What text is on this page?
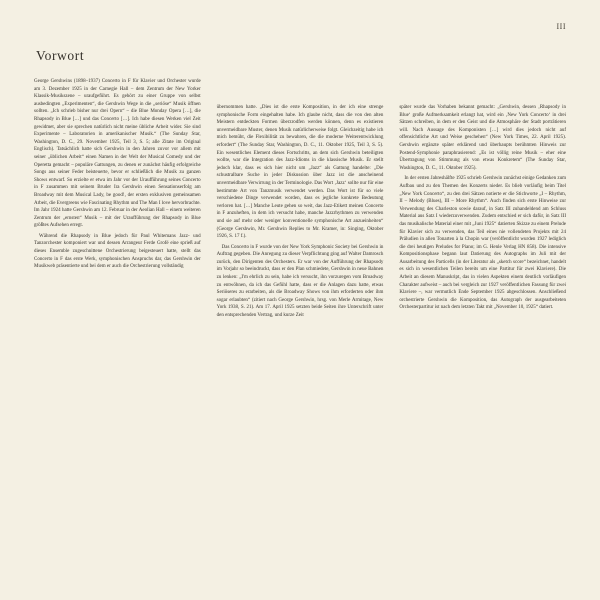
III
Vorwort

George Gershwins (1898–1937) Concerto in F für Klavier und Orchester wurde am 3. Dezember 1925 in der Carnegie Hall – dem Zentrum der New Yorker Klassik-Musikszene – uraufgeführt. Es gehört zu einer Gruppe von selbst ausbedingten „Experimenten“, die Gershwin Wege in die „seriöse“ Musik öffnen sollten. „Ich schrieb bisher nur drei Opern“ – die Blue Monday Opera […], die Rhapsody in Blue […] und das Concerto […]. Ich habe diesen Werken viel Zeit gewidmet, aber sie sprechen natürlich nicht meine übliche Arbeit wider. Sie sind Experimente – Laboratorien in amerikanischer Musik.“ (The Sunday Star, Washington, D. C., 29. November 1925, Teil 3, S. 5; alle Zitate im Original Englisch). Tatsächlich hatte sich Gershwin in den Jahren zuvor vor allem mit seiner „üblichen Arbeit“ einen Namen in der Welt der Musical Comedy und der Operetta gemacht – populäre Gattungen, zu denen er zunächst häufig erfolgreiche Songs aus seiner Feder beisteuerte, bevor er schließlich die Musik zu ganzen Shows entwarf. So erzielte er etwa im Jahr vor der Uraufführung seines Concerto in F zusammen mit seinem Bruder Ira Gershwin einen Sensationserfolg am Broadway mit dem Musical Lady, be good!, der ersten exklusiven gemeinsamen Arbeit, die Evergreens wie Fascinating Rhythm und The Man I love hervorbrachte. Im Jahr 1924 hatte Gershwin am 12. Februar in der Aeolian Hall – einem weiteren Zentrum der „ernsten“ Musik – mit der Uraufführung der Rhapsody in Blue größtes Aufsehen erregt.

Während die Rhapsody in Blue jedoch für Paul Whitemans Jazz- und Tanzorchester komponiert war und dessen Arrangeur Ferde Grofé eine sprieß auf dieses Ensemble zugeschnittene Orchestrierung beigesteuert hatte, stellt das Concerto in F das erste Werk, symphonischen Anspruchs dar, das Gershwin der Musikweb präsentierte und bei dem er auch die Orchestrierung vollständig

übernommen hatte. „Dies ist die erste Komposition, in der ich eine strenge symphonische Form eingehalten habe. Ich glaube nicht, dass die von den alten Meistern entdeckten Formen überzrodfen werden können, denn es existieren unvermeidbare Muster, denen Musik natürlicherweise folgt. Gleichzeitig habe ich mich bemüht, die Flexibilität zu bewahren, die die moderne Weiterentwicklung erfordert“ (The Sunday Star, Washington, D. C., 11. Oktober 1925, Teil 3, S. 5). Ein wesentliches Element dieses Fortschritts, an dem sich Gershwin beteiligten wollte, war die Integration des Jazz-Idioms in die klassische Musik. Er stellt jedoch klar, dass es sich hier nicht um „Jazz“ als Gattung handelte: „Die schustralbare Suche in jeder Diskussion über Jazz ist die anscheinend unvermeidbare Verwirrung in der Terminologie. Das Wort ‚Jazz‘ sollte nur für eine bestimmte Art von Tanzmusik verwendet werden. Das Wort ist für so viele verschiedene Dinge verwendet worden, dass es jegliche konkrete Bedeutung verloren hat. […] Manche Leute gehen so weit, das Jazz-Etikett meinen Concerto in F anzuheften, in dem ich versucht habe, manche Jazzrhythmen zu verwenden und sie auf mehr oder weniger konventionelle symphonische Art anzueinheiten“ (George Gershwin, Mr. Gershwin Replies to Mr. Kramer, in: Singing, Oktober 1926, S. 17 f.).

Das Concerto in F wurde von der New York Symphonic Society bei Gershwin in Auftrag gegeben. Die Anregung zu dieser Verpflichtung ging auf Walter Damrosch zurück, den Dirigenten des Orchesters. Er war von der Aufführung der Rhapsody im Vorjahr so beeindruckt, dass er den Plan schmiedete, Gershwin in neue Bahnen zu lenken: „I'm ehrlich zu sein, habe ich versucht, ihn vorzuregen vom Broadway zu entwöhnen, da ich das Gefühl hatte, dass er die Anlagen dazu hatte, etwas Seriöseres zu erarbeiten, als die Broadway Shows von ihm erforderten oder ihm sogar erlaubten“ (zitiert nach George Gershwin, hrsg. von Merle Armitage, New York 1938, S. 21). Am 17. April 1925 setzten beide Seiten ihre Unterschrift unter den entsprechenden Vertrag, und kurze Zeit

später wurde das Vorhaben bekannt gemacht: „Gershwin, dessen ‚Rhapsody in Blue‘ große Aufmerksamkeit erlangt hat, wird ein ‚New York Concerto‘ in drei Sätzen schreiben, in dem er den Geist und die Atmosphäre der Stadt porträtieren will. Nach Aussage des Komponisten […] wird dies jedoch nicht auf offensichtliche Art und Weise geschehen“ (New York Times, 22. April 1925). Gershwin ergänzte später erklärend und überhaupts berühmten Hinweis zur Postend-Symphonie paraphrasierend: „Es ist völlig reine Musik – eher eine Übertragung von Stimmung als von etwas Konkretem“ (The Sunday Star, Washington, D. C., 11. Oktober 1925).

In der ersten Jahreshälfte 1925 schrieb Gershwin zunächst einige Gedanken zum Aufbau und zu den Themen des Konzerts nieder. Es blieb vorläufig beim Titel „New York Concerto“, zu den drei Sätzen notierte er die Stichworte „I – Rhythm, II – Melody (Blues), III – More Rhythm“. Auch finden sich erste Hinweise zur Verwendung des Charleston sowie darauf, in Satz III zuhandeldend am Schluss Material aus Satz I wiederzuverwenden. Zudem entschied er sich dafür, in Satz III das musikalische Material einer mit „Juni 1925“ datierten Skizze zu einem Prelude für Klavier sich zu verwenden, das Teil eines nie vollendeten Projekts mit 24 Präludien in allen Tonarten à la Chopin war (veröffentlicht wurden 1927 lediglich die drei heutigen Preludes for Piano; im G. Henle Verlag HN 858). Die intensive Kompositionsphase begann laut Datierung des Autographs im Juli mit der Ausarbeitung des Particells (in der Literatur als „sketch score“ bezeichnet, handelt es sich in wesentlichen Teilen bereits um eine Partitur für zwei Klaviere). Die Arbeit an diesem Manuskript, das in vielen Aspekten einem deutlich vorläufigen Charakter aufweist – auch bei vergleich zur 1927 veröffentlichen Fassung für zwei Klaviere –, war vermutlich Ende September 1925 abgeschlossen. Anschließend orchestrierte Gershwin die Komposition, das Autograph der ausgearbeiteten Orchesterpartitur ist nach dem letzten Takt mit „November 10, 1925“ datiert.
